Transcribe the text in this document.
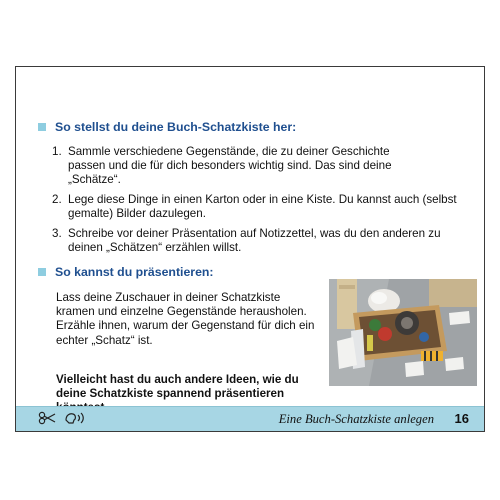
So stellst du deine Buch-Schatzkiste her:
1. Sammle verschiedene Gegenstände, die zu deiner Geschichte passen und die für dich besonders wichtig sind. Das sind deine „Schätze“.
2. Lege diese Dinge in einen Karton oder in eine Kiste. Du kannst auch (selbst gemalte) Bilder dazulegen.
3. Schreibe vor deiner Präsentation auf Notizzettel, was du den anderen zu deinen „Schätzen“ erzählen willst.
So kannst du präsentieren:
Lass deine Zuschauer in deiner Schatzkiste kramen und einzelne Gegenstände herausholen. Erzähle ihnen, warum der Gegenstand für dich ein echter „Schatz“ ist.
Vielleicht hast du auch andere Ideen, wie du deine Schatzkiste spannend präsentieren
Eine Buch-Schatzkiste anlegen 16
